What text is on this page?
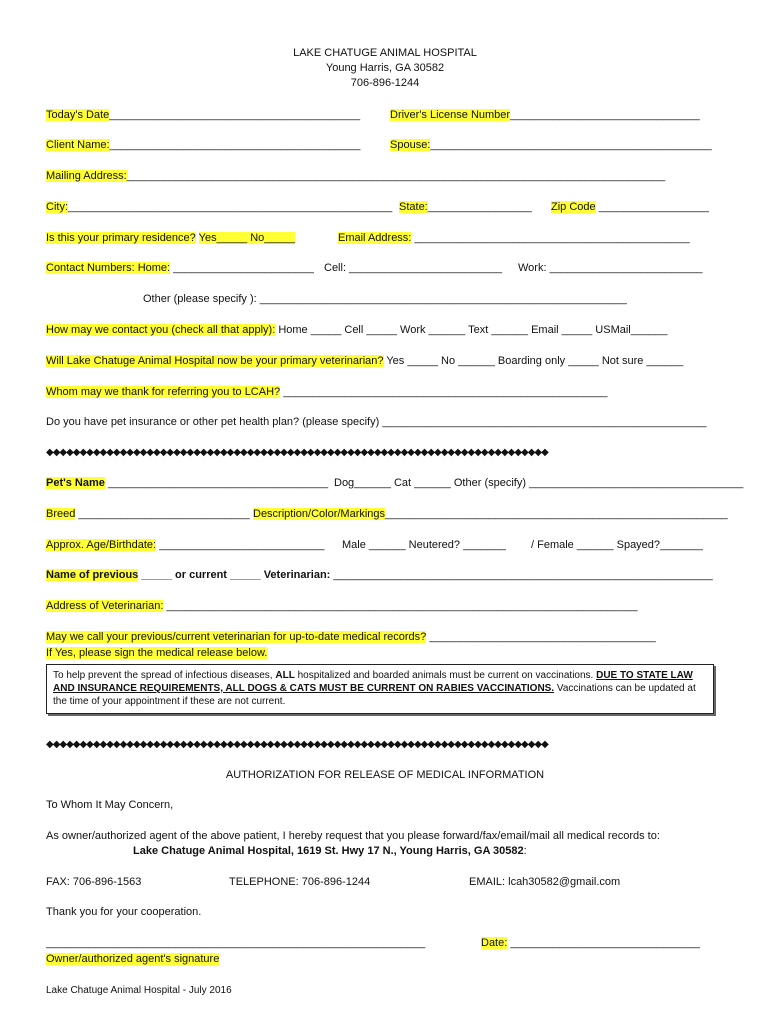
LAKE CHATUGE ANIMAL HOSPITAL
Young Harris, GA 30582
706-896-1244
Today's Date_________________________________________	Driver's License Number_______________________________
Client Name:_________________________________________	Spouse:______________________________________________
Mailing Address:________________________________________________________________________________________
City:_____________________________________________________ State:_________________ Zip Code __________________
Is this your primary residence? Yes_____ No_____	Email Address: _____________________________________________
Contact Numbers: Home: _______________________ Cell: _________________________ Work: _________________________
Other (please specify ): ____________________________________________________________
How may we contact you (check all that apply): Home _____ Cell _____ Work ______ Text ______ Email _____ USMail______
Will Lake Chatuge Animal Hospital now be your primary veterinarian? Yes _____ No ______ Boarding only _____ Not sure ______
Whom may we thank for referring you to LCAH? _____________________________________________________
Do you have pet insurance or other pet health plan? (please specify) _____________________________________________________
◆◆◆◆◆◆◆◆◆◆◆◆◆◆◆◆◆◆◆◆◆◆◆◆◆◆◆◆◆◆◆◆◆◆◆◆◆◆◆◆◆◆◆◆◆◆◆◆◆◆◆◆◆◆◆◆◆◆◆◆◆◆◆◆◆◆◆◆◆◆◆◆◆◆◆
Pet's Name ____________________________________ Dog______ Cat ______ Other (specify) ___________________________________
Breed ____________________________ Description/Color/Markings________________________________________________________
Approx. Age/Birthdate: ___________________________ Male ______ Neutered? _______ / Female ______ Spayed?_______
Name of previous _____ or current _____ Veterinarian: ______________________________________________________________
Address of Veterinarian: _____________________________________________________________________________
May we call your previous/current veterinarian for up-to-date medical records? _____________________________________
If Yes, please sign the medical release below.
To help prevent the spread of infectious diseases, ALL hospitalized and boarded animals must be current on vaccinations. DUE TO STATE LAW AND INSURANCE REQUIREMENTS, ALL DOGS & CATS MUST BE CURRENT ON RABIES VACCINATIONS. Vaccinations can be updated at the time of your appointment if these are not current.
◆◆◆◆◆◆◆◆◆◆◆◆◆◆◆◆◆◆◆◆◆◆◆◆◆◆◆◆◆◆◆◆◆◆◆◆◆◆◆◆◆◆◆◆◆◆◆◆◆◆◆◆◆◆◆◆◆◆◆◆◆◆◆◆◆◆◆◆◆◆◆◆◆◆◆
AUTHORIZATION FOR RELEASE OF MEDICAL INFORMATION
To Whom It May Concern,
As owner/authorized agent of the above patient, I hereby request that you please forward/fax/email/mail all medical records to:
Lake Chatuge Animal Hospital, 1619 St. Hwy 17 N., Young Harris, GA 30582:
FAX: 706-896-1563	TELEPHONE: 706-896-1244	EMAIL: lcah30582@gmail.com
Thank you for your cooperation.
______________________________________________________________	Date: _______________________________
Owner/authorized agent's signature
Lake Chatuge Animal Hospital - July 2016
